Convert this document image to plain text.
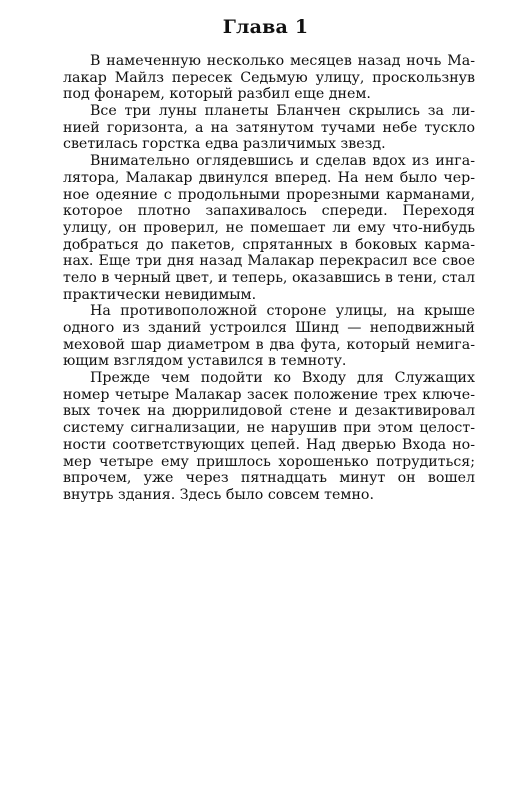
Глава 1

В намеченную несколько месяцев назад ночь Ма-
лакар Майлз пересек Седьмую улицу, проскользнув
под фонарем, который разбил еще днем.

Все три луны планеты Бланчен скрылись за ли-
нией горизонта, а на затянутом тучами небе тускло
светилась горстка едва различимых звезд.

Внимательно оглядевшись и сделав вдох из инга-
лятора, Малакар двинулся вперед. На нем было чер-
ное одеяние с продольными прорезными карманами,
которое плотно запахивалось спереди. Переходя
улицу, он проверил, не помешает ли ему что-нибудь
добраться до пакетов, спрятанных в боковых карма-
нах. Еще три дня назад Малакар перекрасил все свое
тело в черный цвет, и теперь, оказавшись в тени, стал
практически невидимым.

На противоположной стороне улицы, на крыше
одного из зданий устроился Шинд — неподвижный
меховой шар диаметром в два фута, который немига-
ющим взглядом уставился в темноту.

Прежде чем подойти ко Входу для Служащих
номер четыре Малакар засек положение трех ключе-
вых точек на дюррилидовой стене и дезактивировал
систему сигнализации, не нарушив при этом целост-
ности соответствующих цепей. Над дверью Входа но-
мер четыре ему пришлось хорошенько потрудиться;
впрочем, уже через пятнадцать минут он вошел
внутрь здания. Здесь было совсем темно.
